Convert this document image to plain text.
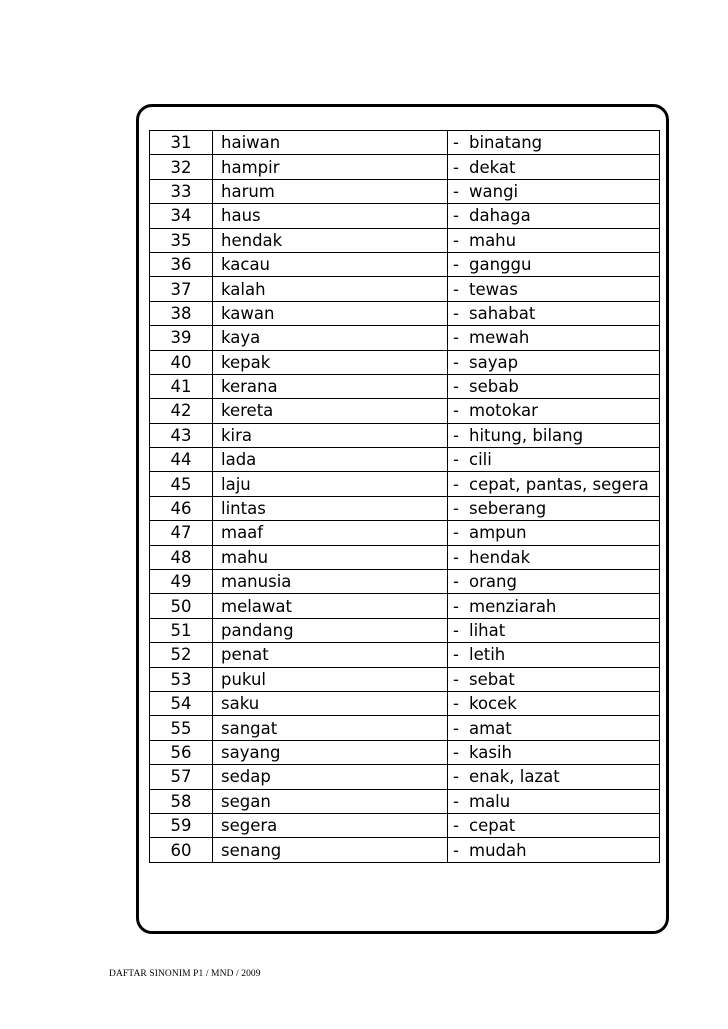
31	haiwan	- binatang
32	hampir	- dekat
33	harum	- wangi
34	haus	- dahaga
35	hendak	- mahu
36	kacau	- ganggu
37	kalah	- tewas
38	kawan	- sahabat
39	kaya	- mewah
40	kepak	- sayap
41	kerana	- sebab
42	kereta	- motokar
43	kira	- hitung, bilang
44	lada	- cili
45	laju	- cepat, pantas, segera
46	lintas	- seberang
47	maaf	- ampun
48	mahu	- hendak
49	manusia	- orang
50	melawat	- menziarah
51	pandang	- lihat
52	penat	- letih
53	pukul	- sebat
54	saku	- kocek
55	sangat	- amat
56	sayang	- kasih
57	sedap	- enak, lazat
58	segan	- malu
59	segera	- cepat
60	senang	- mudah
DAFTAR SINONIM P1 / MND / 2009
